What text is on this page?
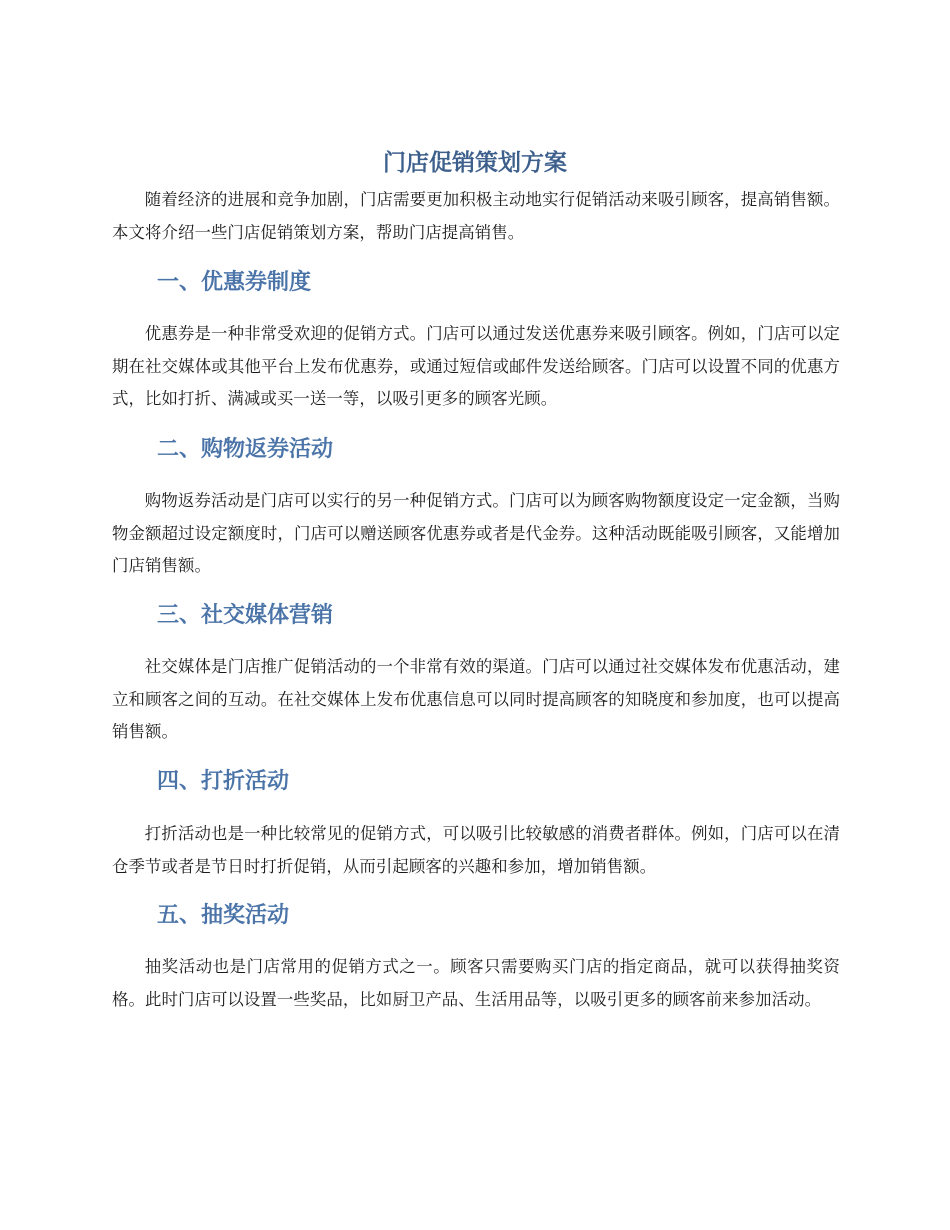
门店促销策划方案

随着经济的进展和竞争加剧，门店需要更加积极主动地实行促销活动来吸引顾客，提高销售额。本文将介绍一些门店促销策划方案，帮助门店提高销售。

一、优惠券制度

优惠券是一种非常受欢迎的促销方式。门店可以通过发送优惠券来吸引顾客。例如，门店可以定期在社交媒体或其他平台上发布优惠券，或通过短信或邮件发送给顾客。门店可以设置不同的优惠方式，比如打折、满减或买一送一等，以吸引更多的顾客光顾。

二、购物返券活动

购物返券活动是门店可以实行的另一种促销方式。门店可以为顾客购物额度设定一定金额，当购物金额超过设定额度时，门店可以赠送顾客优惠券或者是代金券。这种活动既能吸引顾客，又能增加门店销售额。

三、社交媒体营销

社交媒体是门店推广促销活动的一个非常有效的渠道。门店可以通过社交媒体发布优惠活动，建立和顾客之间的互动。在社交媒体上发布优惠信息可以同时提高顾客的知晓度和参加度，也可以提高销售额。

四、打折活动

打折活动也是一种比较常见的促销方式，可以吸引比较敏感的消费者群体。例如，门店可以在清仓季节或者是节日时打折促销，从而引起顾客的兴趣和参加，增加销售额。

五、抽奖活动

抽奖活动也是门店常用的促销方式之一。顾客只需要购买门店的指定商品，就可以获得抽奖资格。此时门店可以设置一些奖品，比如厨卫产品、生活用品等，以吸引更多的顾客前来参加活动。
